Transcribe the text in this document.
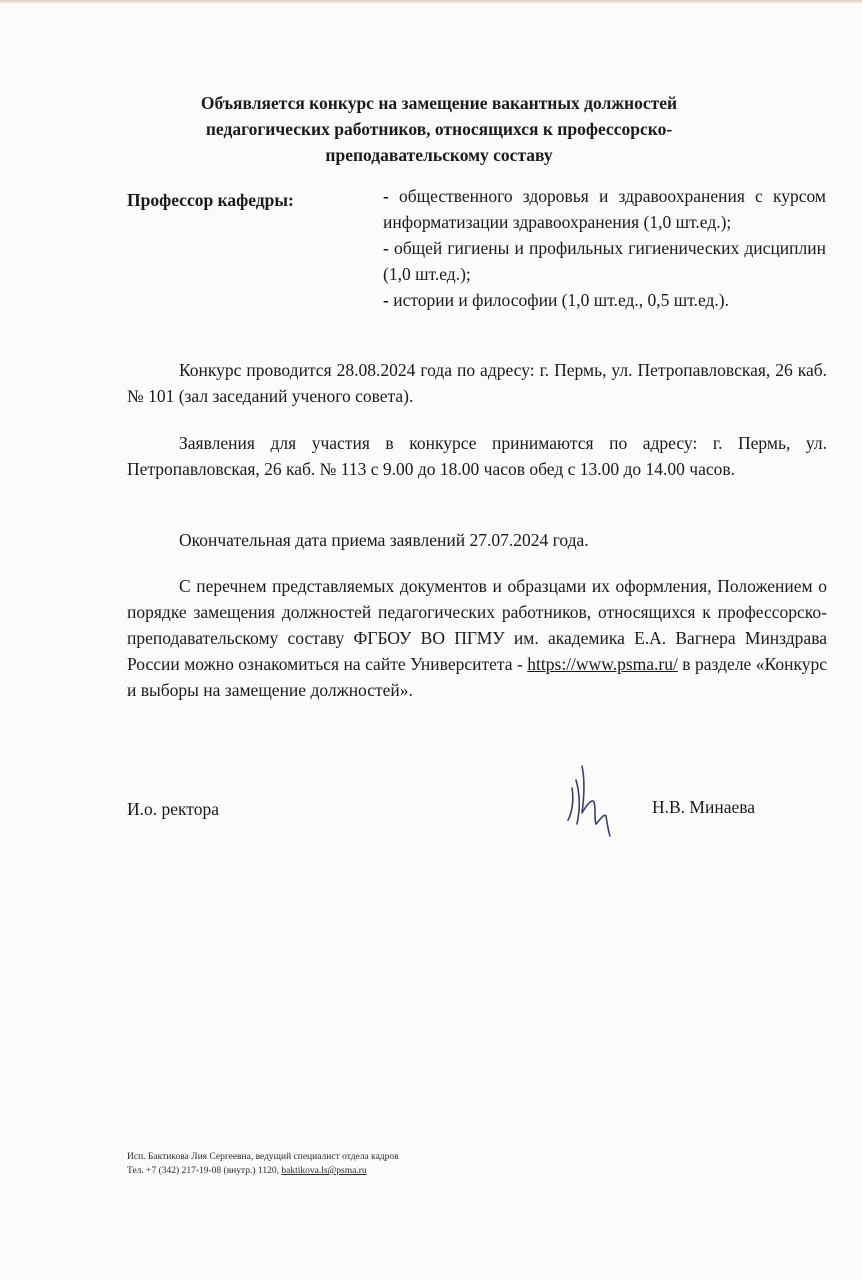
Объявляется конкурс на замещение вакантных должностей
педагогических работников, относящихся к профессорско-
преподавательскому составу
Профессор кафедры:	- общественного здоровья и здравоохранения с курсом информатизации здравоохранения (1,0 шт.ед.);
- общей гигиены и профильных гигиенических дисциплин (1,0 шт.ед.);
- истории и философии (1,0 шт.ед., 0,5 шт.ед.).

Конкурс проводится 28.08.2024 года по адресу: г. Пермь, ул. Петропавловская, 26 каб. № 101 (зал заседаний ученого совета).

Заявления для участия в конкурсе принимаются по адресу: г. Пермь, ул. Петропавловская, 26 каб. № 113 с 9.00 до 18.00 часов обед с 13.00 до 14.00 часов.

Окончательная дата приема заявлений 27.07.2024 года.

С перечнем представляемых документов и образцами их оформления, Положением о порядке замещения должностей педагогических работников, относящихся к профессорско-преподавательскому составу ФГБОУ ВО ПГМУ им. академика Е.А. Вагнера Минздрава России можно ознакомиться на сайте Университета - https://www.psma.ru/ в разделе «Конкурс и выборы на замещение должностей».

И.о. ректора	Н.В. Минаева
Исп. Бактикова Лия Сергеевна, ведущий специалист отдела кадров
Тел. +7 (342) 217-19-08 (внутр.) 1120, baktikova.ls@psma.ru
